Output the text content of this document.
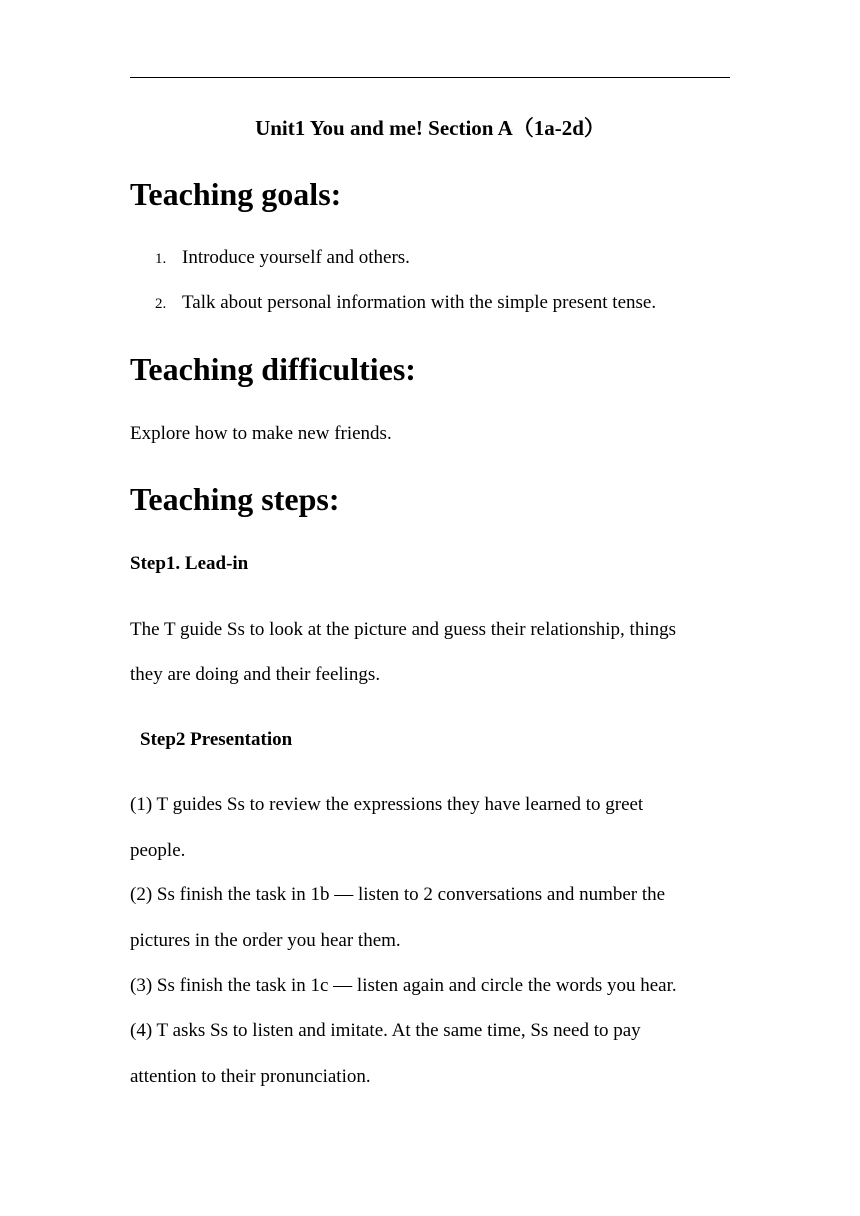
Unit1 You and me! Section A（1a-2d）

Teaching goals:
1. Introduce yourself and others.
2. Talk about personal information with the simple present tense.
Teaching difficulties:

Explore how to make new friends.

Teaching steps:

Step1. Lead-in

The T guide Ss to look at the picture and guess their relationship, things

they are doing and their feelings.

Step2 Presentation

(1) T guides Ss to review the expressions they have learned to greet

people.

(2) Ss finish the task in 1b — listen to 2 conversations and number the

pictures in the order you hear them.

(3) Ss finish the task in 1c — listen again and circle the words you hear.

(4) T asks Ss to listen and imitate. At the same time, Ss need to pay

attention to their pronunciation.
